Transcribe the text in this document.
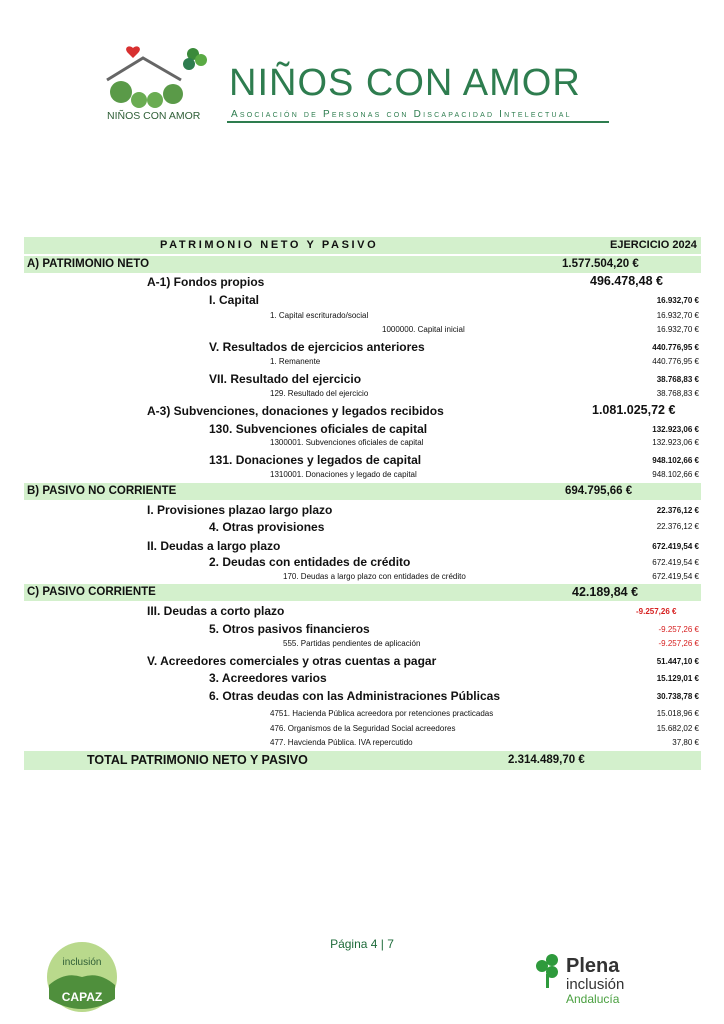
NIÑOS CON AMOR
NIÑOS CON AMOR
Asociación de Personas con Discapacidad Intelectual
PATRIMONIO NETO Y PASIVO	EJERCICIO 2024
A) PATRIMONIO NETO	1.577.504,20 €
A-1) Fondos propios	496.478,48 €
I. Capital	16.932,70 €
1. Capital escriturado/social	16.932,70 €
1000000. Capital inicial	16.932,70 €
V. Resultados de ejercicios anteriores	440.776,95 €
1. Remanente	440.776,95 €
VII. Resultado del ejercicio	38.768,83 €
129. Resultado del ejercicio	38.768,83 €
A-3) Subvenciones, donaciones y legados recibidos	1.081.025,72 €
130. Subvenciones oficiales de capital	132.923,06 €
1300001. Subvenciones oficiales de capital	132.923,06 €
131. Donaciones y legados de capital	948.102,66 €
1310001. Donaciones y legado de capital	948.102,66 €
B) PASIVO NO CORRIENTE	694.795,66 €
I. Provisiones plazao largo plazo	22.376,12 €
4. Otras provisiones	22.376,12 €
II. Deudas a largo plazo	672.419,54 €
2. Deudas con entidades de crédito	672.419,54 €
170. Deudas a largo plazo con entidades de crédito	672.419,54 €
C) PASIVO CORRIENTE	42.189,84 €
III. Deudas a corto plazo	-9.257,26 €
5. Otros pasivos financieros	-9.257,26 €
555. Partidas pendientes de aplicación	-9.257,26 €
V. Acreedores comerciales y otras cuentas a pagar	51.447,10 €
3. Acreedores varios	15.129,01 €
6. Otras deudas con las Administraciones Públicas	30.738,78 €
4751. Hacienda Pública acreedora por retenciones practicadas	15.018,96 €
476. Organismos de la Seguridad Social acreedores	15.682,02 €
477. Havcienda Pública. IVA repercutido	37,80 €
TOTAL PATRIMONIO NETO Y PASIVO	2.314.489,70 €
Página 4 | 7
inclusión
CAPAZ
Plena
inclusión
Andalucía
